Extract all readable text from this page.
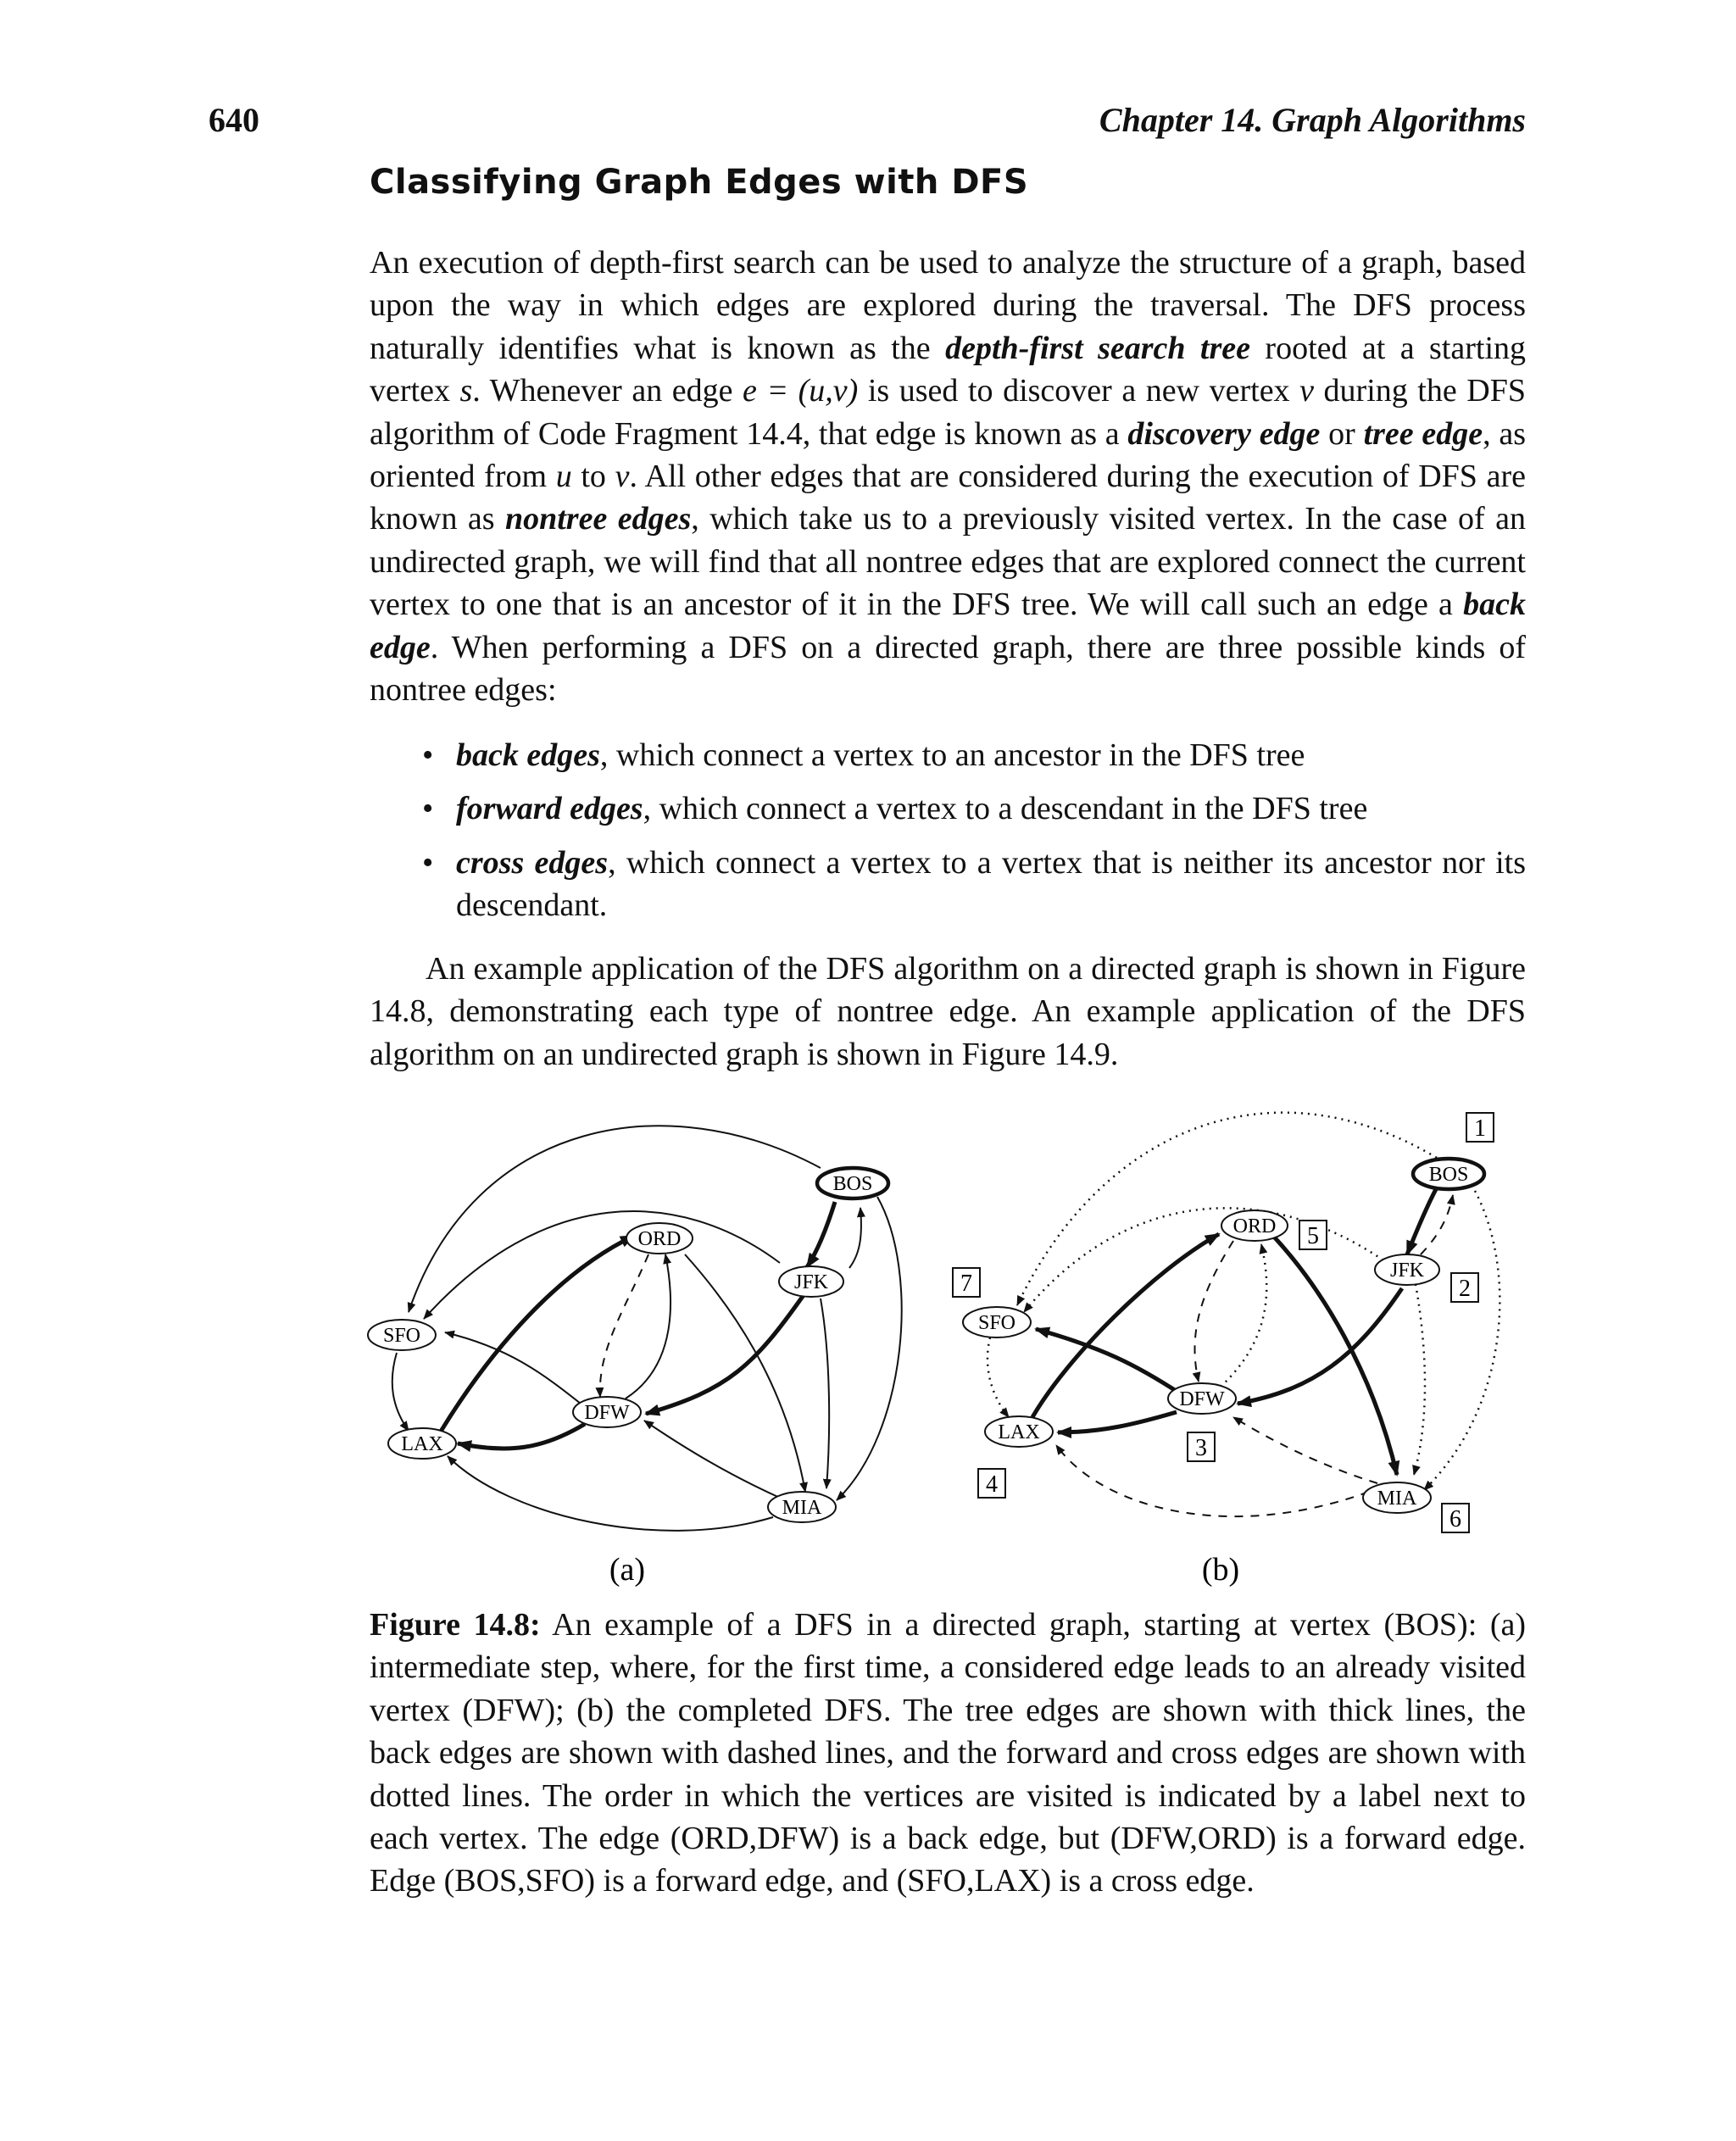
640	Chapter 14. Graph Algorithms
Classifying Graph Edges with DFS

An execution of depth-first search can be used to analyze the structure of a graph, based upon the way in which edges are explored during the traversal. The DFS process naturally identifies what is known as the depth-first search tree rooted at a starting vertex s. Whenever an edge e = (u,v) is used to discover a new vertex v during the DFS algorithm of Code Fragment 14.4, that edge is known as a discovery edge or tree edge, as oriented from u to v. All other edges that are considered during the execution of DFS are known as nontree edges, which take us to a previously visited vertex. In the case of an undirected graph, we will find that all nontree edges that are explored connect the current vertex to one that is an ancestor of it in the DFS tree. We will call such an edge a back edge. When performing a DFS on a directed graph, there are three possible kinds of nontree edges:

• back edges, which connect a vertex to an ancestor in the DFS tree
• forward edges, which connect a vertex to a descendant in the DFS tree
• cross edges, which connect a vertex to a vertex that is neither its ancestor nor its descendant.

An example application of the DFS algorithm on a directed graph is shown in Figure 14.8, demonstrating each type of nontree edge. An example application of the DFS algorithm on an undirected graph is shown in Figure 14.9.

BOS
ORD
JFK
SFO
DFW
LAX
MIA
BOS
ORD
JFK
SFO
DFW
LAX
MIA
1
2
3
4
5
6
7
(a)	(b)

Figure 14.8: An example of a DFS in a directed graph, starting at vertex (BOS): (a) intermediate step, where, for the first time, a considered edge leads to an already visited vertex (DFW); (b) the completed DFS. The tree edges are shown with thick lines, the back edges are shown with dashed lines, and the forward and cross edges are shown with dotted lines. The order in which the vertices are visited is indicated by a label next to each vertex. The edge (ORD,DFW) is a back edge, but (DFW,ORD) is a forward edge. Edge (BOS,SFO) is a forward edge, and (SFO,LAX) is a cross edge.
